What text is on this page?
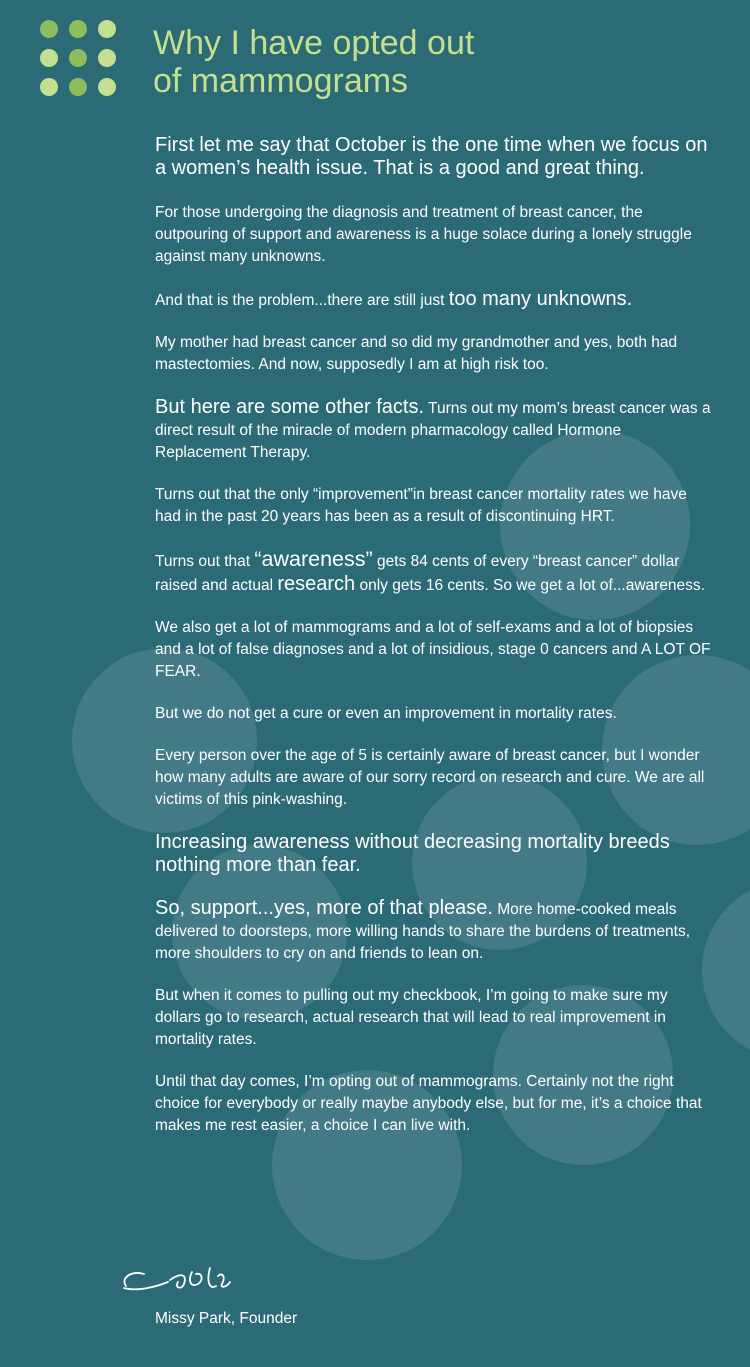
Why I have opted out
of mammograms

First let me say that October is the one time when we focus on a women’s health issue. That is a good and great thing.

For those undergoing the diagnosis and treatment of breast cancer, the outpouring of support and awareness is a huge solace during a lonely struggle against many unknowns.

And that is the problem...there are still just too many unknowns.

My mother had breast cancer and so did my grandmother and yes, both had mastectomies. And now, supposedly I am at high risk too.

But here are some other facts. Turns out my mom’s breast cancer was a direct result of the miracle of modern pharmacology called Hormone Replacement Therapy.

Turns out that the only “improvement”in breast cancer mortality rates we have had in the past 20 years has been as a result of discontinuing HRT.

Turns out that “awareness” gets 84 cents of every “breast cancer” dollar raised and actual research only gets 16 cents. So we get a lot of...awareness.

We also get a lot of mammograms and a lot of self-exams and a lot of biopsies and a lot of false diagnoses and a lot of insidious, stage 0 cancers and A LOT OF FEAR.

But we do not get a cure or even an improvement in mortality rates.

Every person over the age of 5 is certainly aware of breast cancer, but I wonder how many adults are aware of our sorry record on research and cure. We are all victims of this pink-washing.

Increasing awareness without decreasing mortality breeds nothing more than fear.

So, support...yes, more of that please. More home-cooked meals delivered to doorsteps, more willing hands to share the burdens of treatments, more shoulders to cry on and friends to lean on.

But when it comes to pulling out my checkbook, I’m going to make sure my dollars go to research, actual research that will lead to real improvement in mortality rates.

Until that day comes, I’m opting out of mammograms. Certainly not the right choice for everybody or really maybe anybody else, but for me, it’s a choice that makes me rest easier, a choice I can live with.

Missy Park, Founder
